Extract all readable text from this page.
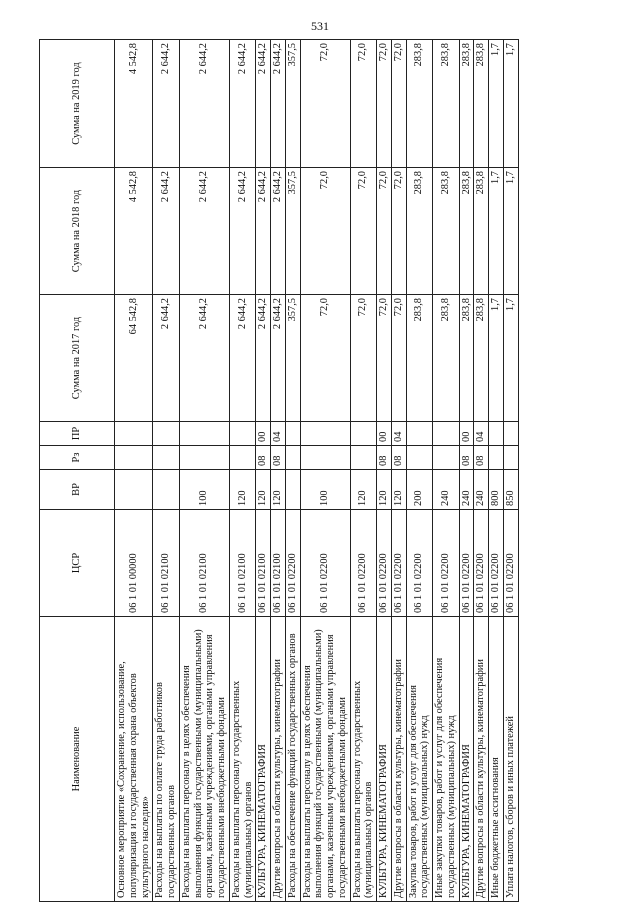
531
Наименование	ЦСР	ВР	Рз	ПР	Сумма на 2017 год	Сумма на 2018 год	Сумма на 2019 год
Основное мероприятие «Сохранение, использование, популяризация и государственная охрана объектов культурного наследия»	06 1 01 00000				64 542,8	4 542,8	4 542,8
Расходы на выплаты по оплате труда работников государственных органов	06 1 01 02100				2 644,2	2 644,2	2 644,2
Расходы на выплаты персоналу в целях обеспечения выполнения функций государственными (муниципальными) органами, казенными учреждениями, органами управления государственными внебюджетными фондами	06 1 01 02100	100			2 644,2	2 644,2	2 644,2
Расходы на выплаты персоналу государственных (муниципальных) органов	06 1 01 02100	120			2 644,2	2 644,2	2 644,2
КУЛЬТУРА, КИНЕМАТОГРАФИЯ	06 1 01 02100	120	08	00	2 644,2	2 644,2	2 644,2
Другие вопросы в области культуры, кинематографии	06 1 01 02100	120	08	04	2 644,2	2 644,2	2 644,2
Расходы на обеспечение функций государственных органов	06 1 01 02200				357,5	357,5	357,5
Расходы на выплаты персоналу в целях обеспечения выполнения функций государственными (муниципальными) органами, казенными учреждениями, органами управления государственными внебюджетными фондами	06 1 01 02200	100			72,0	72,0	72,0
Расходы на выплаты персоналу государственных (муниципальных) органов	06 1 01 02200	120			72,0	72,0	72,0
КУЛЬТУРА, КИНЕМАТОГРАФИЯ	06 1 01 02200	120	08	00	72,0	72,0	72,0
Другие вопросы в области культуры, кинематографии	06 1 01 02200	120	08	04	72,0	72,0	72,0
Закупка товаров, работ и услуг для обеспечения государственных (муниципальных) нужд	06 1 01 02200	200			283,8	283,8	283,8
Иные закупки товаров, работ и услуг для обеспечения государственных (муниципальных) нужд	06 1 01 02200	240			283,8	283,8	283,8
КУЛЬТУРА, КИНЕМАТОГРАФИЯ	06 1 01 02200	240	08	00	283,8	283,8	283,8
Другие вопросы в области культуры, кинематографии	06 1 01 02200	240	08	04	283,8	283,8	283,8
Иные бюджетные ассигнования	06 1 01 02200	800			1,7	1,7	1,7
Уплата налогов, сборов и иных платежей	06 1 01 02200	850			1,7	1,7	1,7
